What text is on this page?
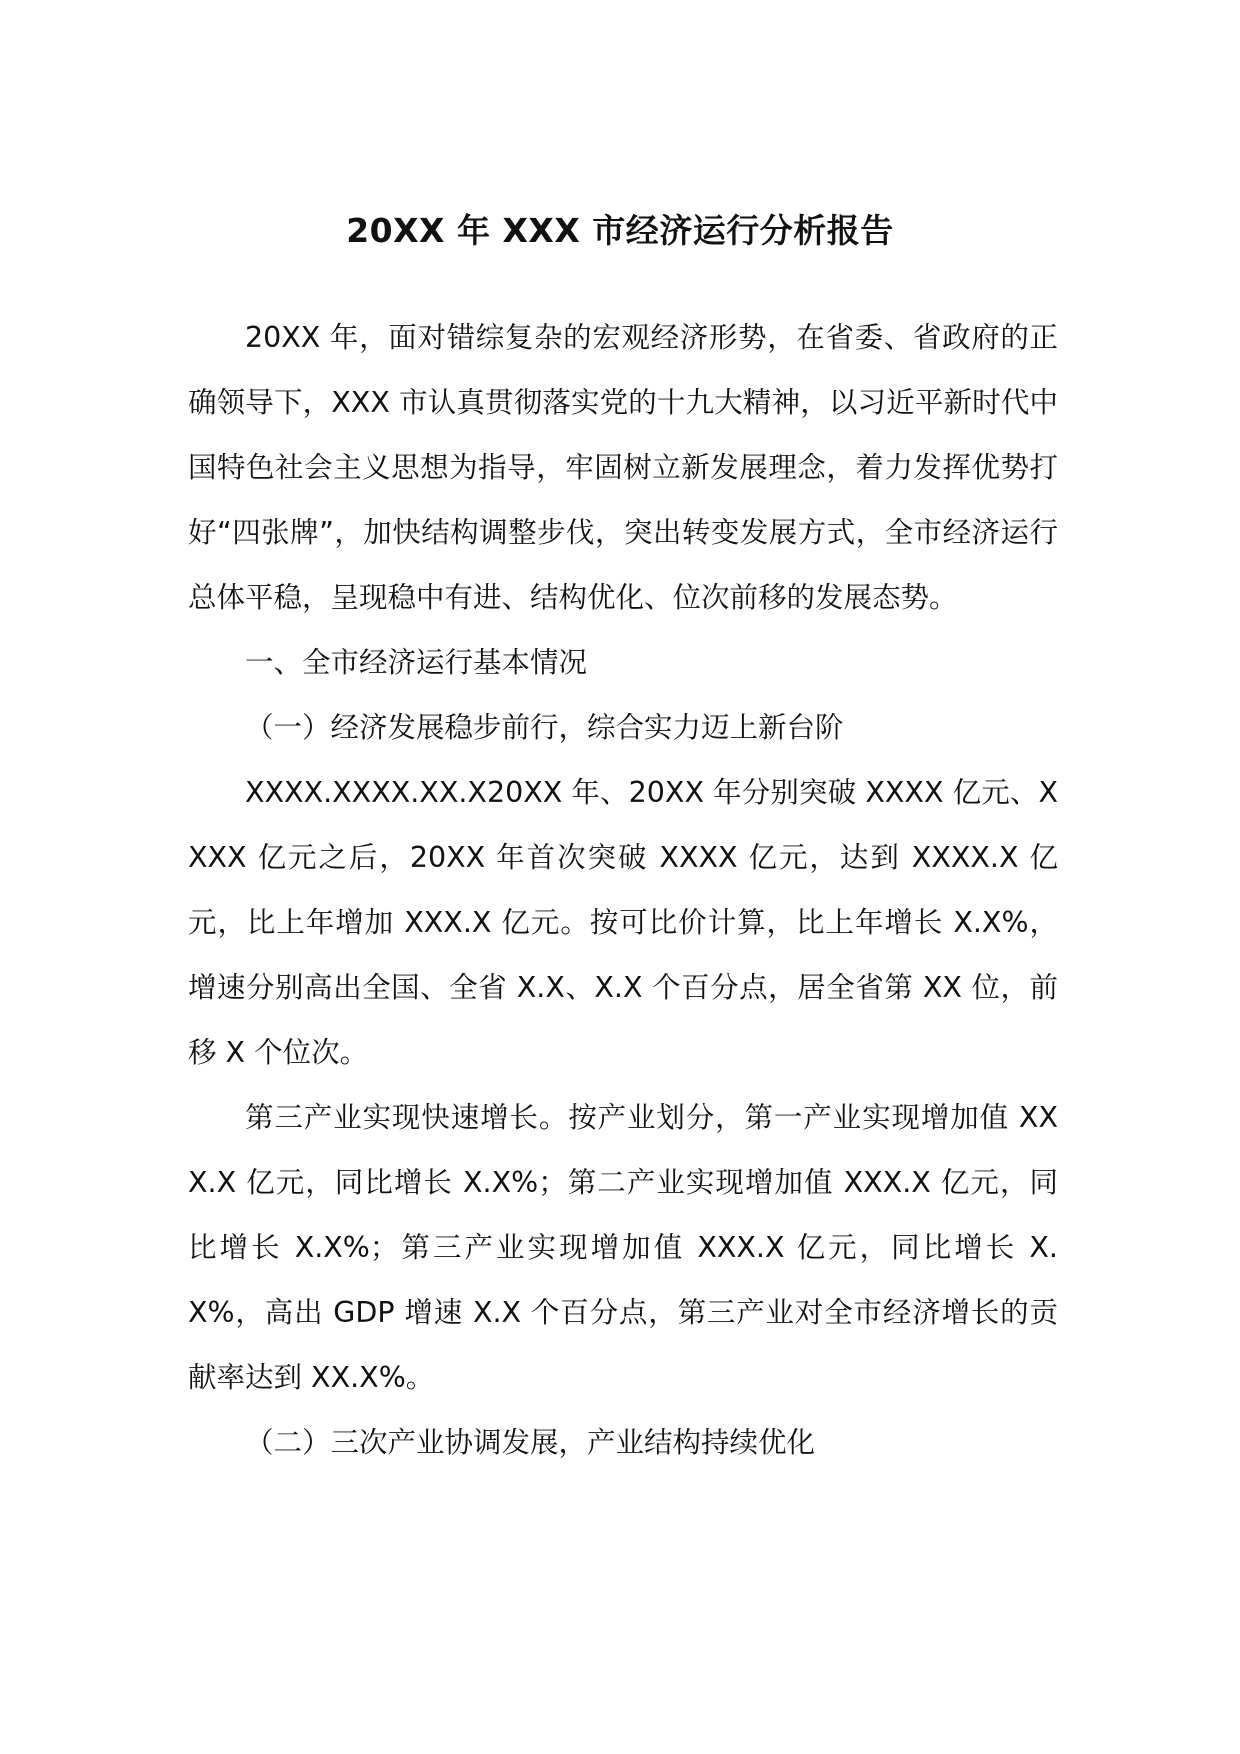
20XX 年 XXX 市经济运行分析报告

20XX 年，面对错综复杂的宏观经济形势，在省委、省政府的正确领导下，XXX 市认真贯彻落实党的十九大精神，以习近平新时代中国特色社会主义思想为指导，牢固树立新发展理念，着力发挥优势打好“四张牌”，加快结构调整步伐，突出转变发展方式，全市经济运行总体平稳，呈现稳中有进、结构优化、位次前移的发展态势。

一、全市经济运行基本情况

（一）经济发展稳步前行，综合实力迈上新台阶

XXXX.XXXX.XX.X20XX 年、20XX 年分别突破 XXXX 亿元、XXXX 亿元之后，20XX 年首次突破 XXXX 亿元，达到 XXXX.X 亿元，比上年增加 XXX.X 亿元。按可比价计算，比上年增长 X.X%，增速分别高出全国、全省 X.X、X.X 个百分点，居全省第 XX 位，前移 X 个位次。

第三产业实现快速增长。按产业划分，第一产业实现增加值 XXX.X 亿元，同比增长 X.X%；第二产业实现增加值 XXX.X 亿元，同比增长 X.X%；第三产业实现增加值 XXX.X 亿元，同比增长 X.X%，高出 GDP 增速 X.X 个百分点，第三产业对全市经济增长的贡献率达到 XX.X%。

（二）三次产业协调发展，产业结构持续优化
